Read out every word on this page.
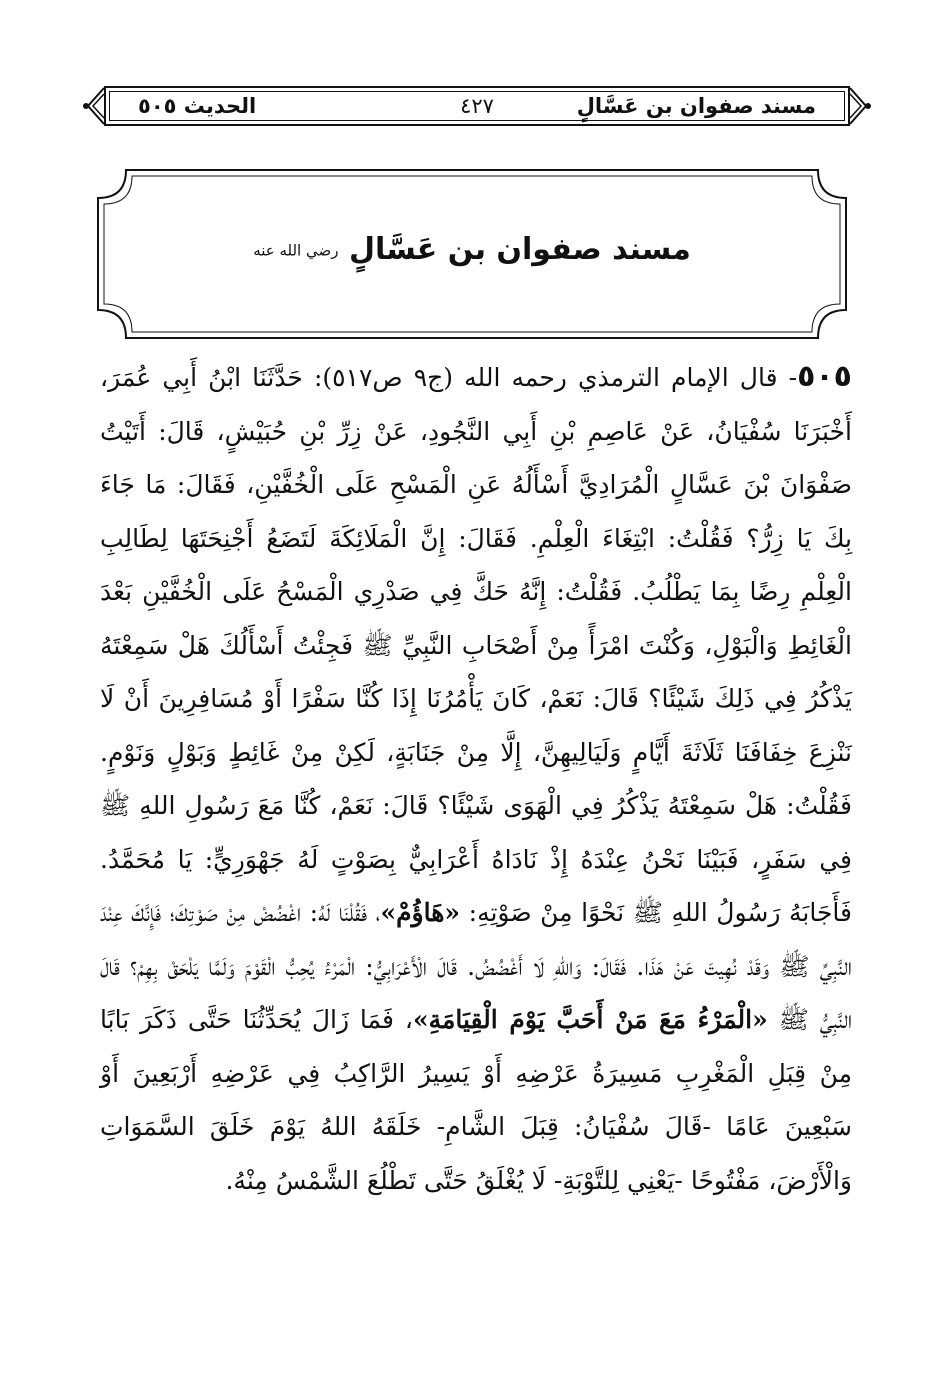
مسند صفوان بن عَسَّالٍ
٤٢٧
الحديث ٥٠٥
مسند صفوان بن عَسَّالٍ رضي الله عنه
٥٠٥- قال الإمام الترمذي رحمه الله (ج٩ ص٥١٧): حَدَّثَنَا ابْنُ أَبِي عُمَرَ، أَخْبَرَنَا سُفْيَانُ، عَنْ عَاصِمِ بْنِ أَبِي النَّجُودِ، عَنْ زِرِّ بْنِ حُبَيْشٍ، قَالَ: أَتَيْتُ صَفْوَانَ بْنَ عَسَّالٍ الْمُرَادِيَّ أَسْأَلُهُ عَنِ الْمَسْحِ عَلَى الْخُفَّيْنِ، فَقَالَ: مَا جَاءَ بِكَ يَا زِرُّ؟ فَقُلْتُ: ابْتِغَاءَ الْعِلْمِ. فَقَالَ: إِنَّ الْمَلَائِكَةَ لَتَضَعُ أَجْنِحَتَهَا لِطَالِبِ الْعِلْمِ رِضًا بِمَا يَطْلُبُ. فَقُلْتُ: إِنَّهُ حَكَّ فِي صَدْرِي الْمَسْحُ عَلَى الْخُفَّيْنِ بَعْدَ الْغَائِطِ وَالْبَوْلِ، وَكُنْتَ امْرَأً مِنْ أَصْحَابِ النَّبِيِّ ﷺ فَجِئْتُ أَسْأَلُكَ هَلْ سَمِعْتَهُ يَذْكُرُ فِي ذَلِكَ شَيْئًا؟ قَالَ: نَعَمْ، كَانَ يَأْمُرُنَا إِذَا كُنَّا سَفْرًا أَوْ مُسَافِرِينَ أَنْ لَا نَنْزِعَ خِفَافَنَا ثَلَاثَةَ أَيَّامٍ وَلَيَالِيهِنَّ، إِلَّا مِنْ جَنَابَةٍ، لَكِنْ مِنْ غَائِطٍ وَبَوْلٍ وَنَوْمٍ. فَقُلْتُ: هَلْ سَمِعْتَهُ يَذْكُرُ فِي الْهَوَى شَيْئًا؟ قَالَ: نَعَمْ، كُنَّا مَعَ رَسُولِ اللهِ ﷺ فِي سَفَرٍ، فَبَيْنَا نَحْنُ عِنْدَهُ إِذْ نَادَاهُ أَعْرَابِيٌّ بِصَوْتٍ لَهُ جَهْوَرِيٍّ: يَا مُحَمَّدُ. فَأَجَابَهُ رَسُولُ اللهِ ﷺ نَحْوًا مِنْ صَوْتِهِ: «هَاؤُمْ»، فَقُلْنَا لَهُ: اغْضُضْ مِنْ صَوْتِكَ؛ فَإِنَّكَ عِنْدَ النَّبِيِّ ﷺ وَقَدْ نُهِيتَ عَنْ هَذَا. فَقَالَ: وَاللهِ لَا أَغْضُضُ. قَالَ الْأَعْرَابِيُّ: الْمَرْءُ يُحِبُّ الْقَوْمَ وَلَمَّا يَلْحَقْ بِهِمْ؟ قَالَ النَّبِيُّ ﷺ «الْمَرْءُ مَعَ مَنْ أَحَبَّ يَوْمَ الْقِيَامَةِ»، فَمَا زَالَ يُحَدِّثُنَا حَتَّى ذَكَرَ بَابًا مِنْ قِبَلِ الْمَغْرِبِ مَسِيرَةُ عَرْضِهِ أَوْ يَسِيرُ الرَّاكِبُ فِي عَرْضِهِ أَرْبَعِينَ أَوْ سَبْعِينَ عَامًا -قَالَ سُفْيَانُ: قِبَلَ الشَّامِ- خَلَقَهُ اللهُ يَوْمَ خَلَقَ السَّمَوَاتِ وَالْأَرْضَ، مَفْتُوحًا -يَعْنِي لِلتَّوْبَةِ- لَا يُغْلَقُ حَتَّى تَطْلُعَ الشَّمْسُ مِنْهُ.
